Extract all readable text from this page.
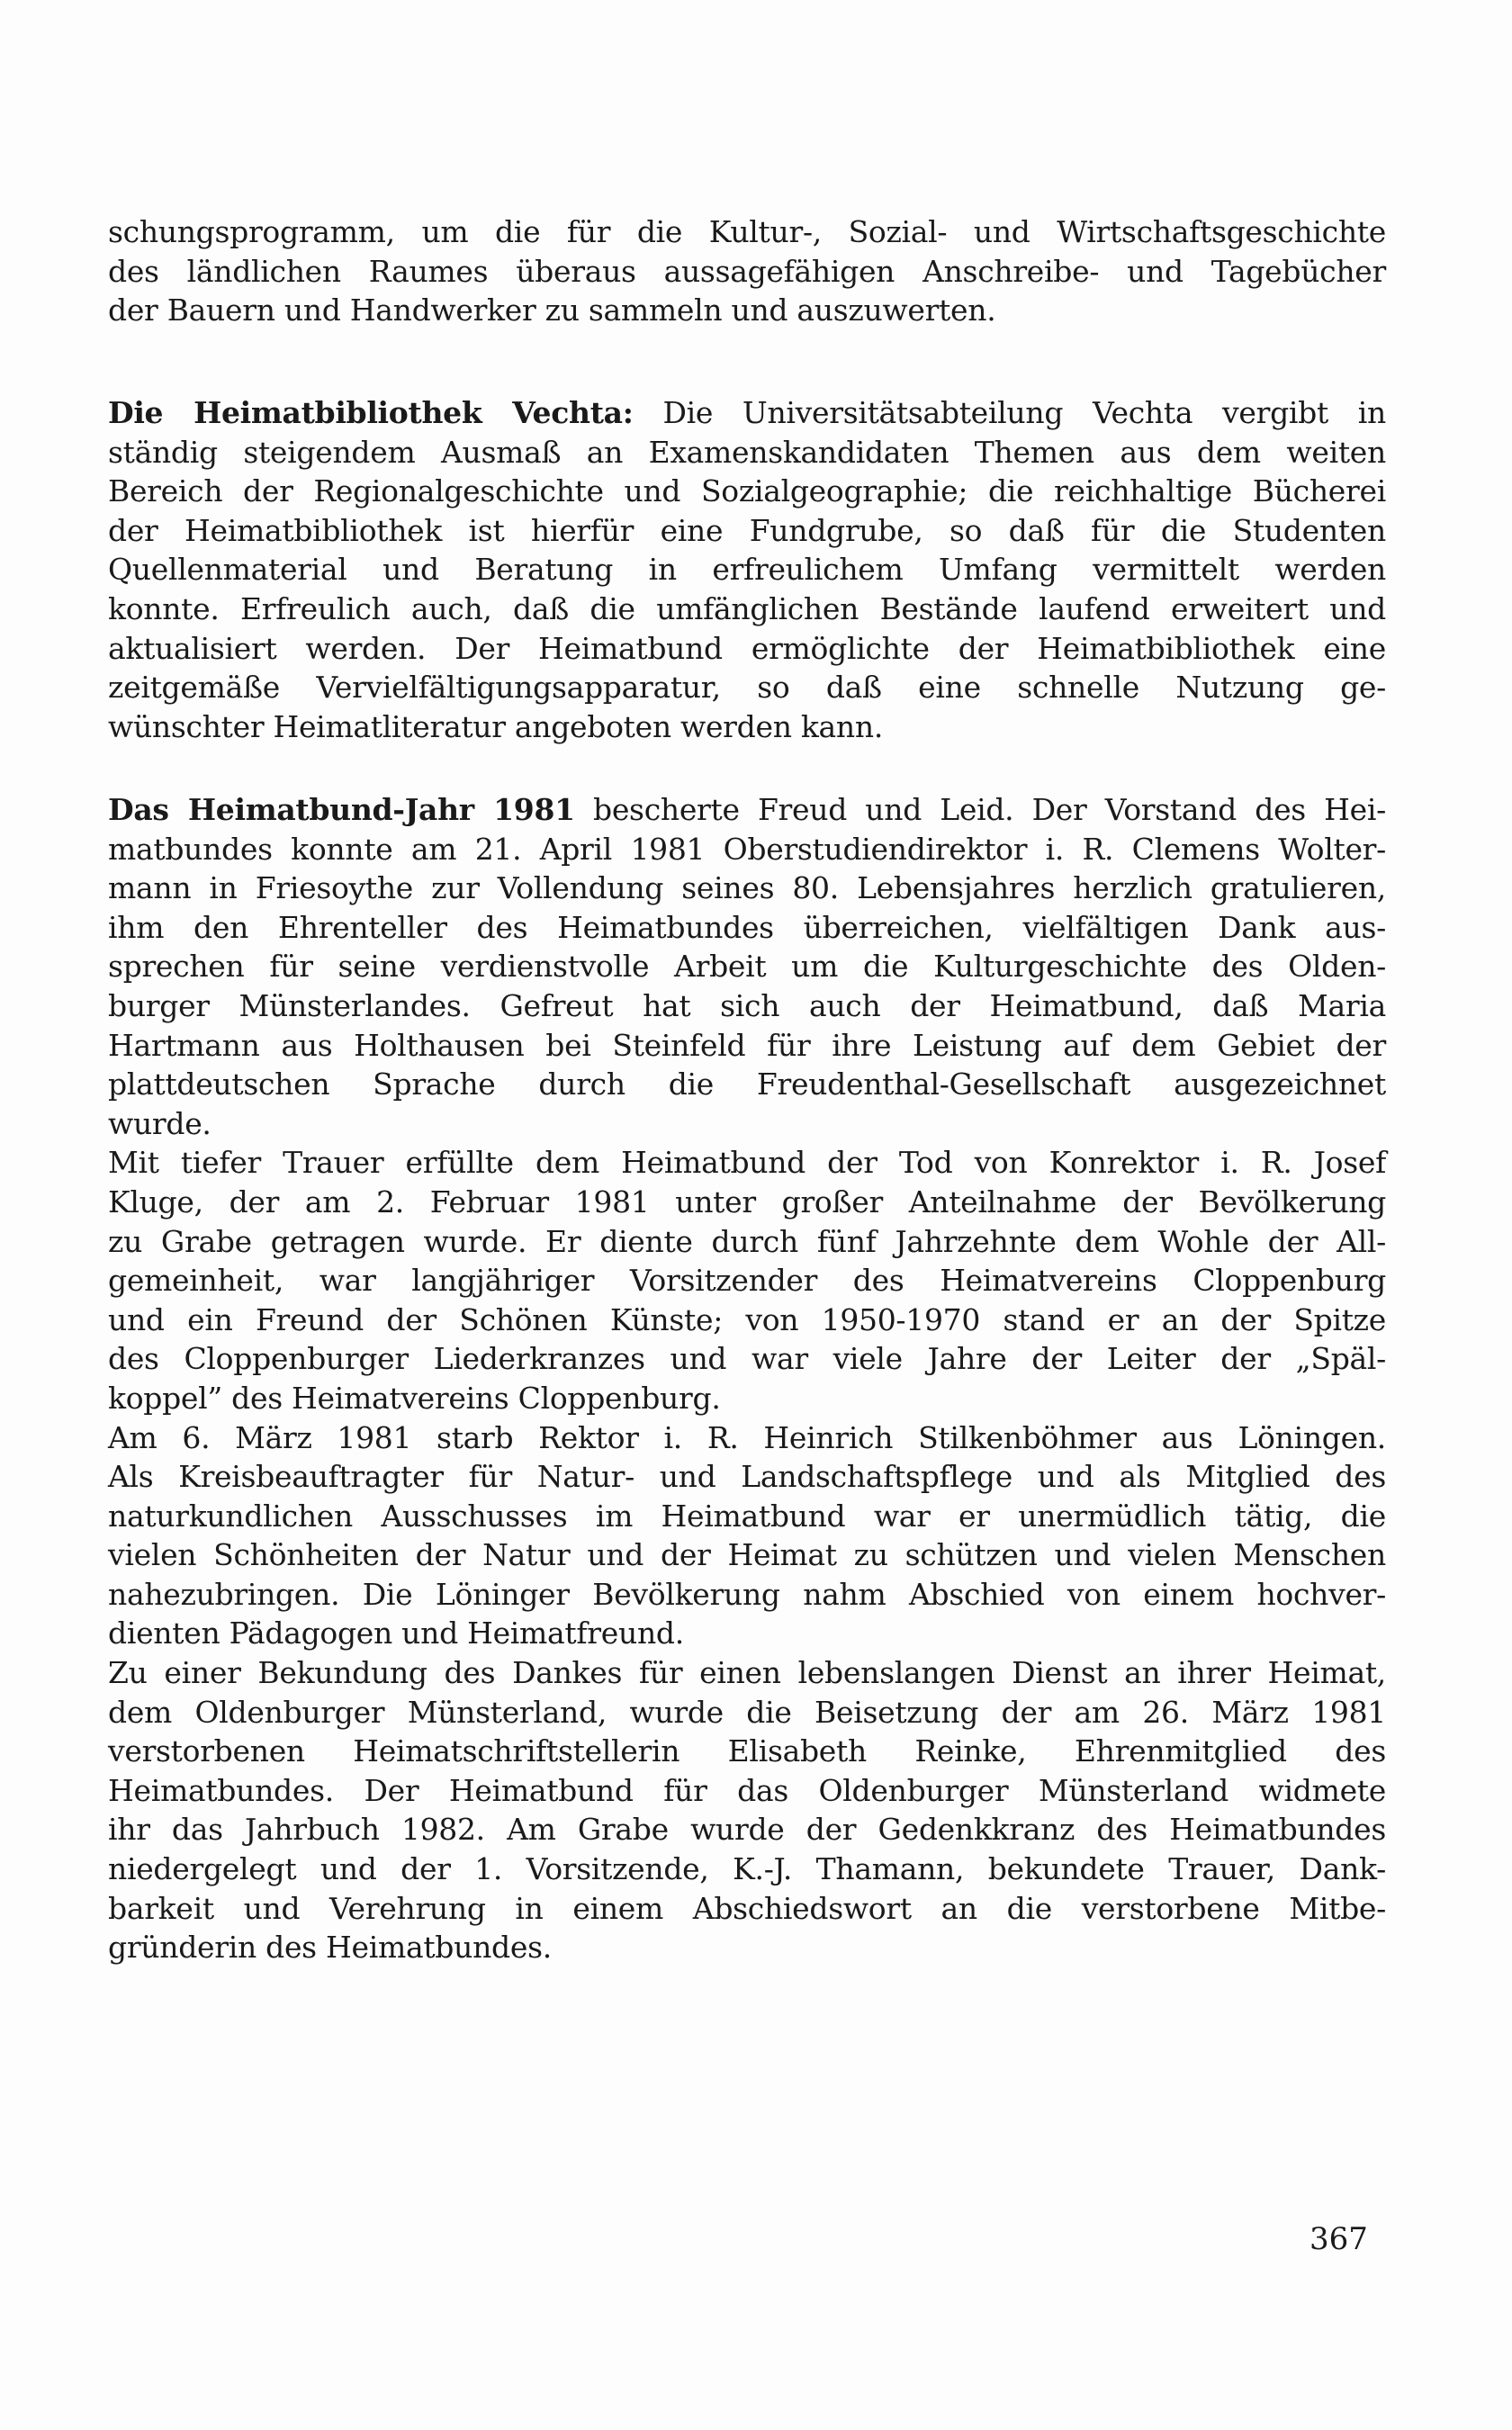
schungsprogramm, um die für die Kultur-, Sozial- und Wirtschaftsgeschichte
des ländlichen Raumes überaus aussagefähigen Anschreibe- und Tagebücher
der Bauern und Handwerker zu sammeln und auszuwerten.
Die Heimatbibliothek Vechta: Die Universitätsabteilung Vechta vergibt in
ständig steigendem Ausmaß an Examenskandidaten Themen aus dem weiten
Bereich der Regionalgeschichte und Sozialgeographie; die reichhaltige Bücherei
der Heimatbibliothek ist hierfür eine Fundgrube, so daß für die Studenten
Quellenmaterial und Beratung in erfreulichem Umfang vermittelt werden
konnte. Erfreulich auch, daß die umfänglichen Bestände laufend erweitert und
aktualisiert werden. Der Heimatbund ermöglichte der Heimatbibliothek eine
zeitgemäße Vervielfältigungsapparatur, so daß eine schnelle Nutzung ge-
wünschter Heimatliteratur angeboten werden kann.
Das Heimatbund-Jahr 1981 bescherte Freud und Leid. Der Vorstand des Hei-
matbundes konnte am 21. April 1981 Oberstudiendirektor i. R. Clemens Wolter-
mann in Friesoythe zur Vollendung seines 80. Lebensjahres herzlich gratulieren,
ihm den Ehrenteller des Heimatbundes überreichen, vielfältigen Dank aus-
sprechen für seine verdienstvolle Arbeit um die Kulturgeschichte des Olden-
burger Münsterlandes. Gefreut hat sich auch der Heimatbund, daß Maria
Hartmann aus Holthausen bei Steinfeld für ihre Leistung auf dem Gebiet der
plattdeutschen Sprache durch die Freudenthal-Gesellschaft ausgezeichnet
wurde.
Mit tiefer Trauer erfüllte dem Heimatbund der Tod von Konrektor i. R. Josef
Kluge, der am 2. Februar 1981 unter großer Anteilnahme der Bevölkerung
zu Grabe getragen wurde. Er diente durch fünf Jahrzehnte dem Wohle der All-
gemeinheit, war langjähriger Vorsitzender des Heimatvereins Cloppenburg
und ein Freund der Schönen Künste; von 1950-1970 stand er an der Spitze
des Cloppenburger Liederkranzes und war viele Jahre der Leiter der „Späl-
koppel” des Heimatvereins Cloppenburg.
Am 6. März 1981 starb Rektor i. R. Heinrich Stilkenböhmer aus Löningen.
Als Kreisbeauftragter für Natur- und Landschaftspflege und als Mitglied des
naturkundlichen Ausschusses im Heimatbund war er unermüdlich tätig, die
vielen Schönheiten der Natur und der Heimat zu schützen und vielen Menschen
nahezubringen. Die Löninger Bevölkerung nahm Abschied von einem hochver-
dienten Pädagogen und Heimatfreund.
Zu einer Bekundung des Dankes für einen lebenslangen Dienst an ihrer Heimat,
dem Oldenburger Münsterland, wurde die Beisetzung der am 26. März 1981
verstorbenen Heimatschriftstellerin Elisabeth Reinke, Ehrenmitglied des
Heimatbundes. Der Heimatbund für das Oldenburger Münsterland widmete
ihr das Jahrbuch 1982. Am Grabe wurde der Gedenkkranz des Heimatbundes
niedergelegt und der 1. Vorsitzende, K.-J. Thamann, bekundete Trauer, Dank-
barkeit und Verehrung in einem Abschiedswort an die verstorbene Mitbe-
gründerin des Heimatbundes.
367
